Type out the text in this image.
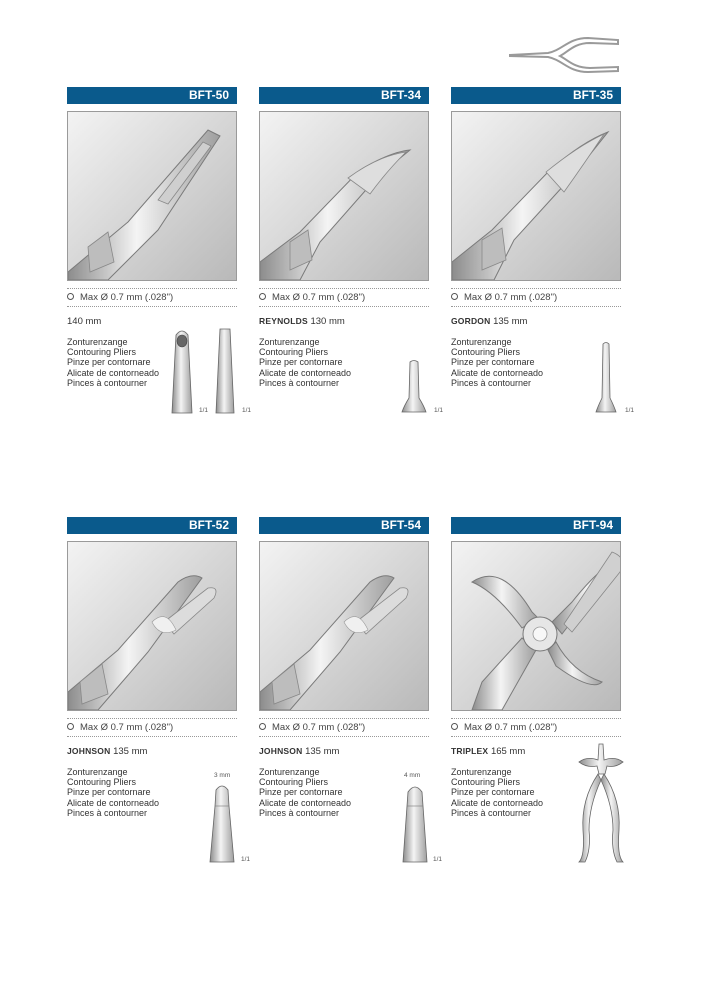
BFT-50
Max Ø 0.7 mm (.028")
140 mm
Zonturenzange
Contouring Pliers
Pinze per contornare
Alicate de contorneado
Pinces à contourner
1/1	1/1
BFT-34
Max Ø 0.7 mm (.028")
REYNOLDS 130 mm
Zonturenzange
Contouring Pliers
Pinze per contornare
Alicate de contorneado
Pinces à contourner
1/1
BFT-35
Max Ø 0.7 mm (.028")
GORDON 135 mm
Zonturenzange
Contouring Pliers
Pinze per contornare
Alicate de contorneado
Pinces à contourner
1/1
BFT-52
Max Ø 0.7 mm (.028")
JOHNSON 135 mm
Zonturenzange
Contouring Pliers
Pinze per contornare
Alicate de contorneado
Pinces à contourner
3 mm
1/1
BFT-54
Max Ø 0.7 mm (.028")
JOHNSON 135 mm
Zonturenzange
Contouring Pliers
Pinze per contornare
Alicate de contorneado
Pinces à contourner
4 mm
1/1
BFT-94
Max Ø 0.7 mm (.028")
TRIPLEX 165 mm
Zonturenzange
Contouring Pliers
Pinze per contornare
Alicate de contorneado
Pinces à contourner
